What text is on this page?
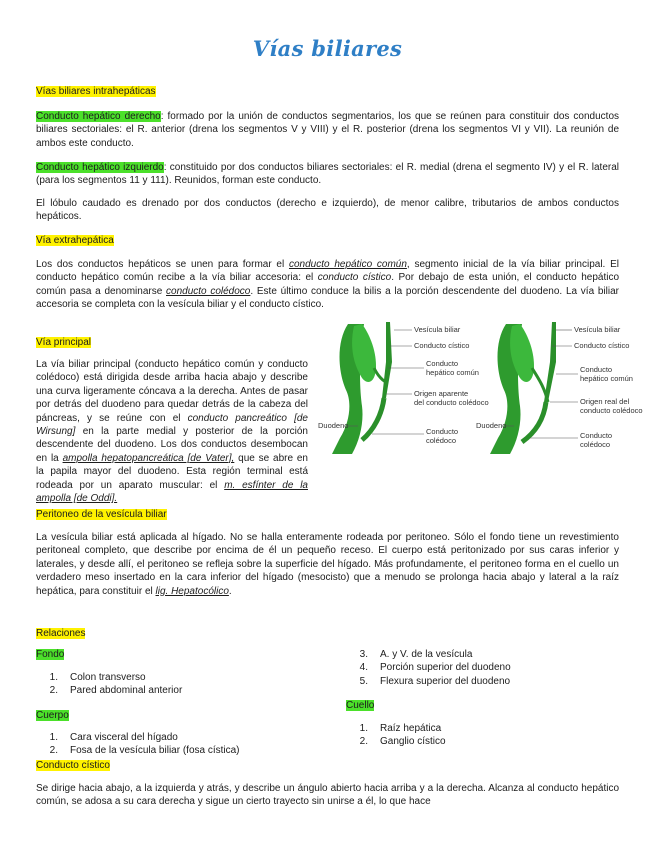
Vías biliares
Vías biliares intrahepáticas
Conducto hepático derecho: formado por la unión de conductos segmentarios, los que se reúnen para constituir dos conductos biliares sectoriales: el R. anterior (drena los segmentos V y VIII) y el R. posterior (drena los segmentos VI y VII). La reunión de ambos este conducto.
Conducto hepático izquierdo: constituido por dos conductos biliares sectoriales: el R. medial (drena el segmento IV) y el R. lateral (para los segmentos 11 y 111). Reunidos, forman este conducto.
El lóbulo caudado es drenado por dos conductos (derecho e izquierdo), de menor calibre, tributarios de ambos conductos hepáticos.
Vía extrahepática
Los dos conductos hepáticos se unen para formar el conducto hepático común, segmento inicial de la vía biliar principal. El conducto hepático común recibe a la vía biliar accesoria: el conducto cístico. Por debajo de esta unión, el conducto hepático común pasa a denominarse conducto colédoco. Este último conduce la bilis a la porción descendente del duodeno. La vía biliar accesoria se completa con la vesícula biliar y el conducto cístico.
Vesícula biliar
Conducto cístico
Conducto
hepático común
Origen aparente
del conducto colédoco
Duodeno
Conducto
colédoco
Vesícula biliar
Conducto cístico
Conducto
hepático común
Origen real del
conducto colédoco
Duodeno
Conducto
colédoco
Vía principal
La vía biliar principal (conducto hepático común y conducto colédoco) está dirigida desde arriba hacia abajo y describe una curva ligeramente cóncava a la derecha. Antes de pasar por detrás del duodeno para quedar detrás de la cabeza del páncreas, y se reúne con el conducto pancreático [de Wirsung] en la parte medial y posterior de la porción descendente del duodeno. Los dos conductos desembocan en la ampolla hepatopancreática [de Vater], que se abre en la papila mayor del duodeno. Esta región terminal está rodeada por un aparato muscular: el m. esfínter de la ampolla [de Oddi].
Peritoneo de la vesícula biliar
La vesícula biliar está aplicada al hígado. No se halla enteramente rodeada por peritoneo. Sólo el fondo tiene un revestimiento peritoneal completo, que describe por encima de él un pequeño receso. El cuerpo está peritonizado por sus caras inferior y laterales, y desde allí, el peritoneo se refleja sobre la superficie del hígado. Más profundamente, el peritoneo forma en el cuello un verdadero meso insertado en la cara inferior del hígado (mesocisto) que a menudo se prolonga hacia abajo y lateral a la raíz hepática, para constituir el lig. Hepatocólico.
Relaciones
Fondo
1.	Colon transverso
2.	Pared abdominal anterior
3.	A. y V. de la vesícula
4.	Porción superior del duodeno
5.	Flexura superior del duodeno
Cuello
1.	Raíz hepática
2.	Ganglio cístico
Cuerpo
1.	Cara visceral del hígado
2.	Fosa de la vesícula biliar (fosa cística)
Conducto cístico
Se dirige hacia abajo, a la izquierda y atrás, y describe un ángulo abierto hacia arriba y a la derecha. Alcanza al conducto hepático común, se adosa a su cara derecha y sigue un cierto trayecto sin unirse a él, lo que hace
